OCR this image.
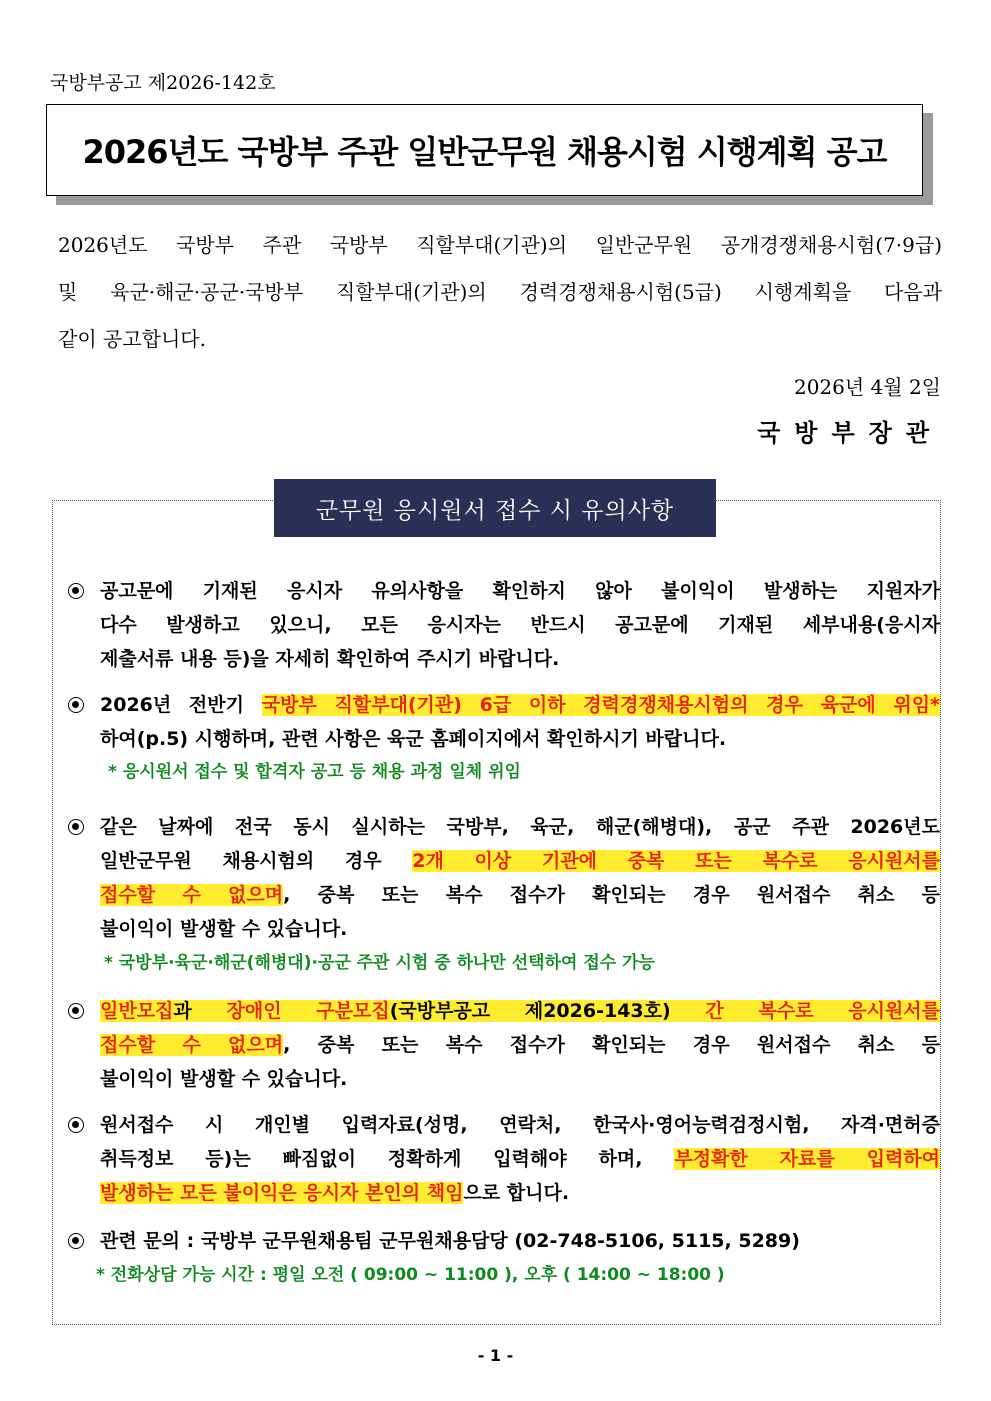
국방부공고 제2026-142호
2026년도 국방부 주관 일반군무원 채용시험 시행계획 공고
2026년도 국방부 주관 국방부 직할부대(기관)의 일반군무원 공개경쟁채용시험(7·9급)
및 육군·해군·공군·국방부 직할부대(기관)의 경력경쟁채용시험(5급) 시행계획을 다음과
같이 공고합니다.
2026년 4월 2일
국방부장관
군무원 응시원서 접수 시 유의사항
공고문에 기재된 응시자 유의사항을 확인하지 않아 불이익이 발생하는 지원자가
다수 발생하고 있으니, 모든 응시자는 반드시 공고문에 기재된 세부내용(응시자
제출서류 내용 등)을 자세히 확인하여 주시기 바랍니다.
2026년 전반기 국방부 직할부대(기관) 6급 이하 경력경쟁채용시험의 경우 육군에 위임*
하여(p.5) 시행하며, 관련 사항은 육군 홈페이지에서 확인하시기 바랍니다.
* 응시원서 접수 및 합격자 공고 등 채용 과정 일체 위임
같은 날짜에 전국 동시 실시하는 국방부, 육군, 해군(해병대), 공군 주관 2026년도
일반군무원 채용시험의 경우 2개 이상 기관에 중복 또는 복수로 응시원서를
접수할 수 없으며, 중복 또는 복수 접수가 확인되는 경우 원서접수 취소 등
불이익이 발생할 수 있습니다.
* 국방부·육군·해군(해병대)·공군 주관 시험 중 하나만 선택하여 접수 가능
일반모집과 장애인 구분모집(국방부공고 제2026-143호) 간 복수로 응시원서를
접수할 수 없으며, 중복 또는 복수 접수가 확인되는 경우 원서접수 취소 등
불이익이 발생할 수 있습니다.
원서접수 시 개인별 입력자료(성명, 연락처, 한국사·영어능력검정시험, 자격·면허증
취득정보 등)는 빠짐없이 정확하게 입력해야 하며, 부정확한 자료를 입력하여
발생하는 모든 불이익은 응시자 본인의 책임으로 합니다.
관련 문의 : 국방부 군무원채용팀 군무원채용담당 (02-748-5106, 5115, 5289)
* 전화상담 가능 시간 : 평일 오전 ( 09:00 ~ 11:00 ), 오후 ( 14:00 ~ 18:00 )
- 1 -
